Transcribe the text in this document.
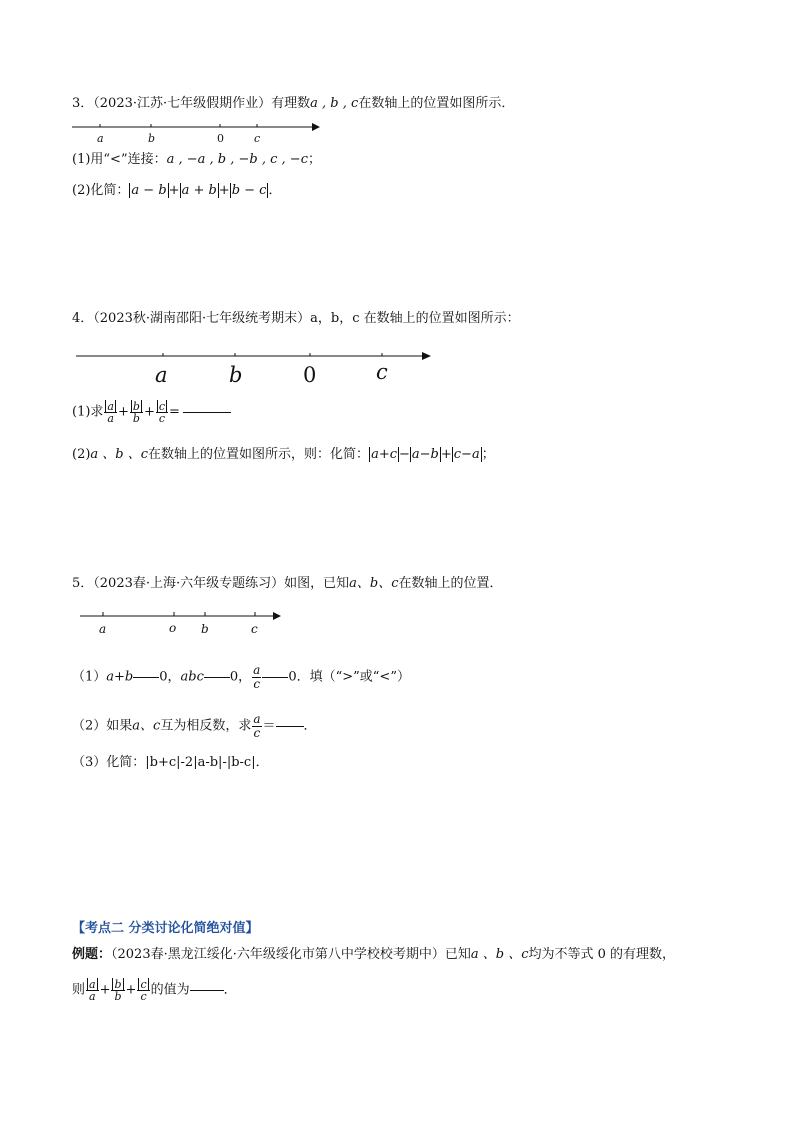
3．（2023·江苏·七年级假期作业）有理数a , b , c在数轴上的位置如图所示．
a	b	0	c
(1)用“<”连接：a , −a , b , −b , c , −c；
(2)化简： a − b + a + b + b − c ．
4．（2023秋·湖南邵阳·七年级统考期末）a，b，c 在数轴上的位置如图所示：
a	b	0	c
(1)求 $\frac{a}{a} + \frac{b}{b} + \frac{c}{c}$ =
(2)a 、b 、c在数轴上的位置如图所示，则：化简： a+c − a−b + c−a ；
5．（2023春·上海·六年级专题练习）如图，已知a、b、c在数轴上的位置．
a	o b	c
（1）a+b 0，abc 0， $\frac{a}{c} 0$．填（“>”或“<”）
（2）如果a、c互为相反数，求 $\frac{a}{c}$ ＝ ．
（3）化简：|b+c|-2|a-b|-|b-c|．
【考点二 分类讨论化简绝对值】
例题：（2023春·黑龙江绥化·六年级绥化市第八中学校校考期中）已知a 、b 、c均为不等式 0 的有理数，
则 $\frac{a}{a} + \frac{b}{b} + \frac{c}{c}$ 的值为	．
